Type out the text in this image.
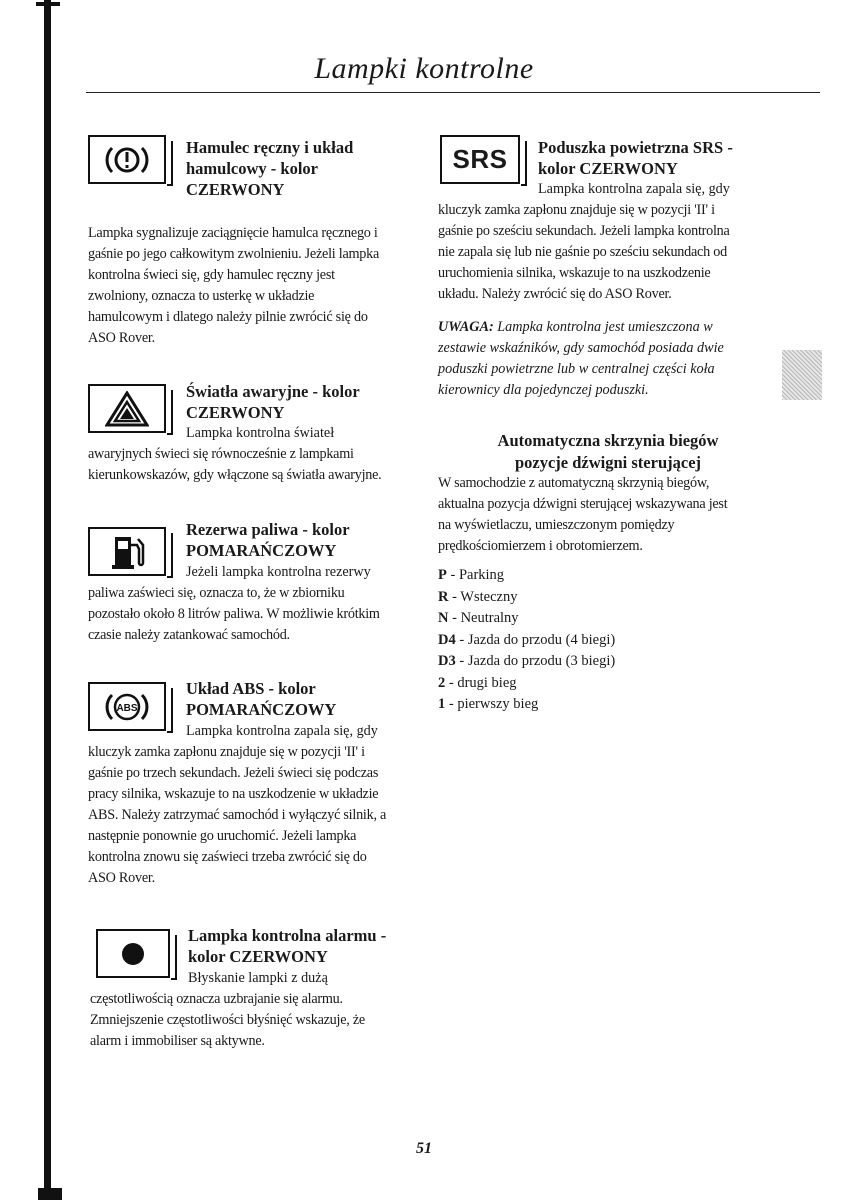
Lampki kontrolne
Hamulec ręczny i układ
hamulcowy - kolor
CZERWONY

Lampka sygnalizuje zaciągnięcie hamulca ręcznego i
gaśnie po jego całkowitym zwolnieniu. Jeżeli lampka
kontrolna świeci się, gdy hamulec ręczny jest
zwolniony, oznacza to usterkę w układzie
hamulcowym i dlatego należy pilnie zwrócić się do
ASO Rover.

Światła awaryjne - kolor
CZERWONY

Lampka kontrolna świateł

awaryjnych świeci się równocześnie z lampkami
kierunkowskazów, gdy włączone są światła awaryjne.

Rezerwa paliwa - kolor
POMARAŃCZOWY

Jeżeli lampka kontrolna rezerwy

paliwa zaświeci się, oznacza to, że w zbiorniku
pozostało około 8 litrów paliwa. W możliwie krótkim
czasie należy zatankować samochód.

ABS
Układ ABS - kolor
POMARAŃCZOWY

Lampka kontrolna zapala się, gdy

kluczyk zamka zapłonu znajduje się w pozycji 'II' i
gaśnie po trzech sekundach. Jeżeli świeci się podczas
pracy silnika, wskazuje to na uszkodzenie w układzie
ABS. Należy zatrzymać samochód i wyłączyć silnik, a
następnie ponownie go uruchomić. Jeżeli lampka
kontrolna znowu się zaświeci trzeba zwrócić się do
ASO Rover.

Lampka kontrolna alarmu -
kolor CZERWONY

Błyskanie lampki z dużą

częstotliwością oznacza uzbrajanie się alarmu.
Zmniejszenie częstotliwości błyśnięć wskazuje, że
alarm i immobiliser są aktywne.

SRS Poduszka powietrzna SRS -
kolor CZERWONY

Lampka kontrolna zapala się, gdy

kluczyk zamka zapłonu znajduje się w pozycji 'II' i
gaśnie po sześciu sekundach. Jeżeli lampka kontrolna
nie zapala się lub nie gaśnie po sześciu sekundach od
uruchomienia silnika, wskazuje to na uszkodzenie
układu. Należy zwrócić się do ASO Rover.

UWAGA: Lampka kontrolna jest umieszczona w
zestawie wskaźników, gdy samochód posiada dwie
poduszki powietrzne lub w centralnej części koła
kierownicy dla pojedynczej poduszki.

Automatyczna skrzynia biegów
pozycje dźwigni sterującej

W samochodzie z automatyczną skrzynią biegów,
aktualna pozycja dźwigni sterującej wskazywana jest
na wyświetlaczu, umieszczonym pomiędzy
prędkościomierzem i obrotomierzem.

P - Parking
R - Wsteczny
N - Neutralny
D4 - Jazda do przodu (4 biegi)
D3 - Jazda do przodu (3 biegi)
2 - drugi bieg
1 - pierwszy bieg
51
